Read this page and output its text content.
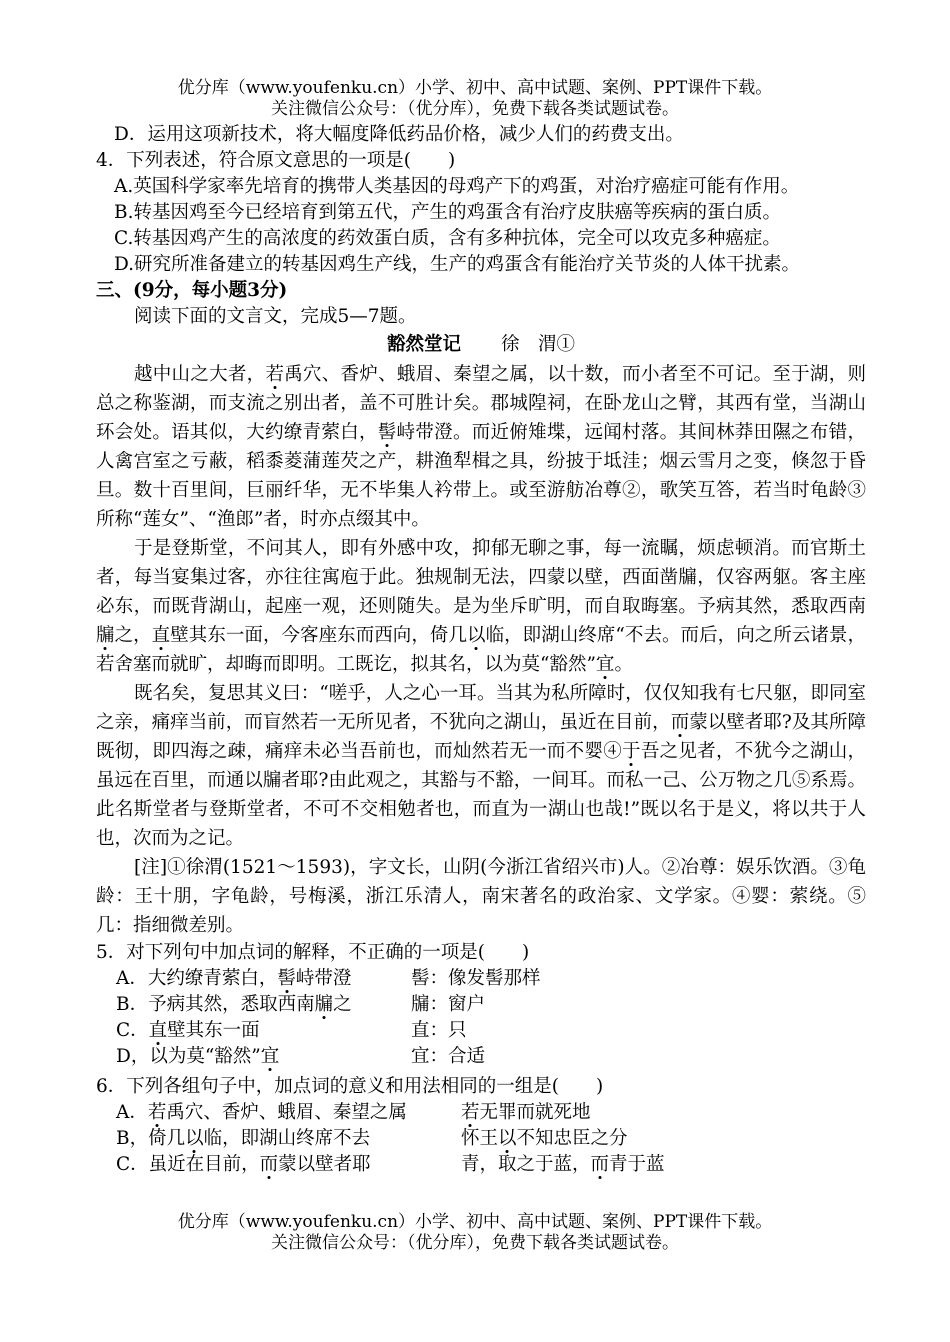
优分库（www.youfenku.cn）小学、初中、高中试题、案例、PPT课件下载。
关注微信公众号：（优分库），免费下载各类试题试卷。
D．运用这项新技术，将大幅度降低药品价格，减少人们的药费支出。
4．下列表述，符合原文意思的一项是(　　)
A.英国科学家率先培育的携带人类基因的母鸡产下的鸡蛋，对治疗癌症可能有作用。
B.转基因鸡至今已经培育到第五代，产生的鸡蛋含有治疗皮肤癌等疾病的蛋白质。
C.转基因鸡产生的高浓度的药效蛋白质，含有多种抗体，完全可以攻克多种癌症。
D.研究所准备建立的转基因鸡生产线，生产的鸡蛋含有能治疗关节炎的人体干扰素。
三、(9分，每小题3分)
阅读下面的文言文，完成5—7题。
豁然堂记 徐　渭①
越中山之大者，若禹穴、香炉、蛾眉、秦望之属，以十数，而小者至不可记。至于湖，则总之称鉴湖，而支流之别出者，盖不可胜计矣。郡城隍祠，在卧龙山之臂，其西有堂，当湖山环会处。语其似，大约缭青萦白，髻峙带澄。而近俯雉堞，远闻村落。其间林莽田隰之布错，人禽宫室之亏蔽，稻黍菱蒲莲芡之产，耕渔犁楫之具，纷披于坻洼；烟云雪月之变，倏忽于昏旦。数十百里间，巨丽纤华，无不毕集人衿带上。或至游舫冶尊②，歌笑互答，若当时龟龄③所称“莲女”、“渔郎”者，时亦点缀其中。
于是登斯堂，不问其人，即有外感中攻，抑郁无聊之事，每一流瞩，烦虑顿消。而官斯土者，每当宴集过客，亦往往寓庖于此。独规制无法，四蒙以壁，西面凿牖，仅容两躯。客主座必东，而既背湖山，起座一观，还则随失。是为坐斥旷明，而自取晦塞。予病其然，悉取西南牖之，直壁其东一面，今客座东而西向，倚几以临，即湖山终席“不去。而后，向之所云诸景，若舍塞而就旷，却晦而即明。工既讫，拟其名，以为莫“豁然”宜。
既名矣，复思其义曰：“嗟乎，人之心一耳。当其为私所障时，仅仅知我有七尺躯，即同室之亲，痛痒当前，而盲然若一无所见者，不犹向之湖山，虽近在目前，而蒙以壁者耶?及其所障既彻，即四海之疎，痛痒未必当吾前也，而灿然若无一而不婴④于吾之见者，不犹今之湖山，虽远在百里，而通以牖者耶?由此观之，其豁与不豁，一间耳。而私一己、公万物之几⑤系焉。此名斯堂者与登斯堂者，不可不交相勉者也，而直为一湖山也哉!”既以名于是义，将以共于人也，次而为之记。
[注]①徐渭(1521～1593)，字文长，山阴(今浙江省绍兴市)人。②冶尊：娱乐饮酒。③龟龄：王十朋，字龟龄，号梅溪，浙江乐清人，南宋著名的政治家、文学家。④婴：萦绕。⑤几：指细微差别。
5．对下列句中加点词的解释，不正确的一项是(　　)
A．大约缭青萦白，髻峙带澄	髻：像发髻那样
B．予病其然，悉取西南牖之	牖：窗户
C．直壁其东一面	直：只
D，以为莫“豁然”宜	宜：合适
6．下列各组句子中，加点词的意义和用法相同的一组是(　　)
A．若禹穴、香炉、蛾眉、秦望之属	若无罪而就死地
B，倚几以临，即湖山终席不去	怀王以不知忠臣之分
C．虽近在目前，而蒙以壁者耶	青，取之于蓝，而青于蓝
优分库（www.youfenku.cn）小学、初中、高中试题、案例、PPT课件下载。
关注微信公众号：（优分库），免费下载各类试题试卷。
